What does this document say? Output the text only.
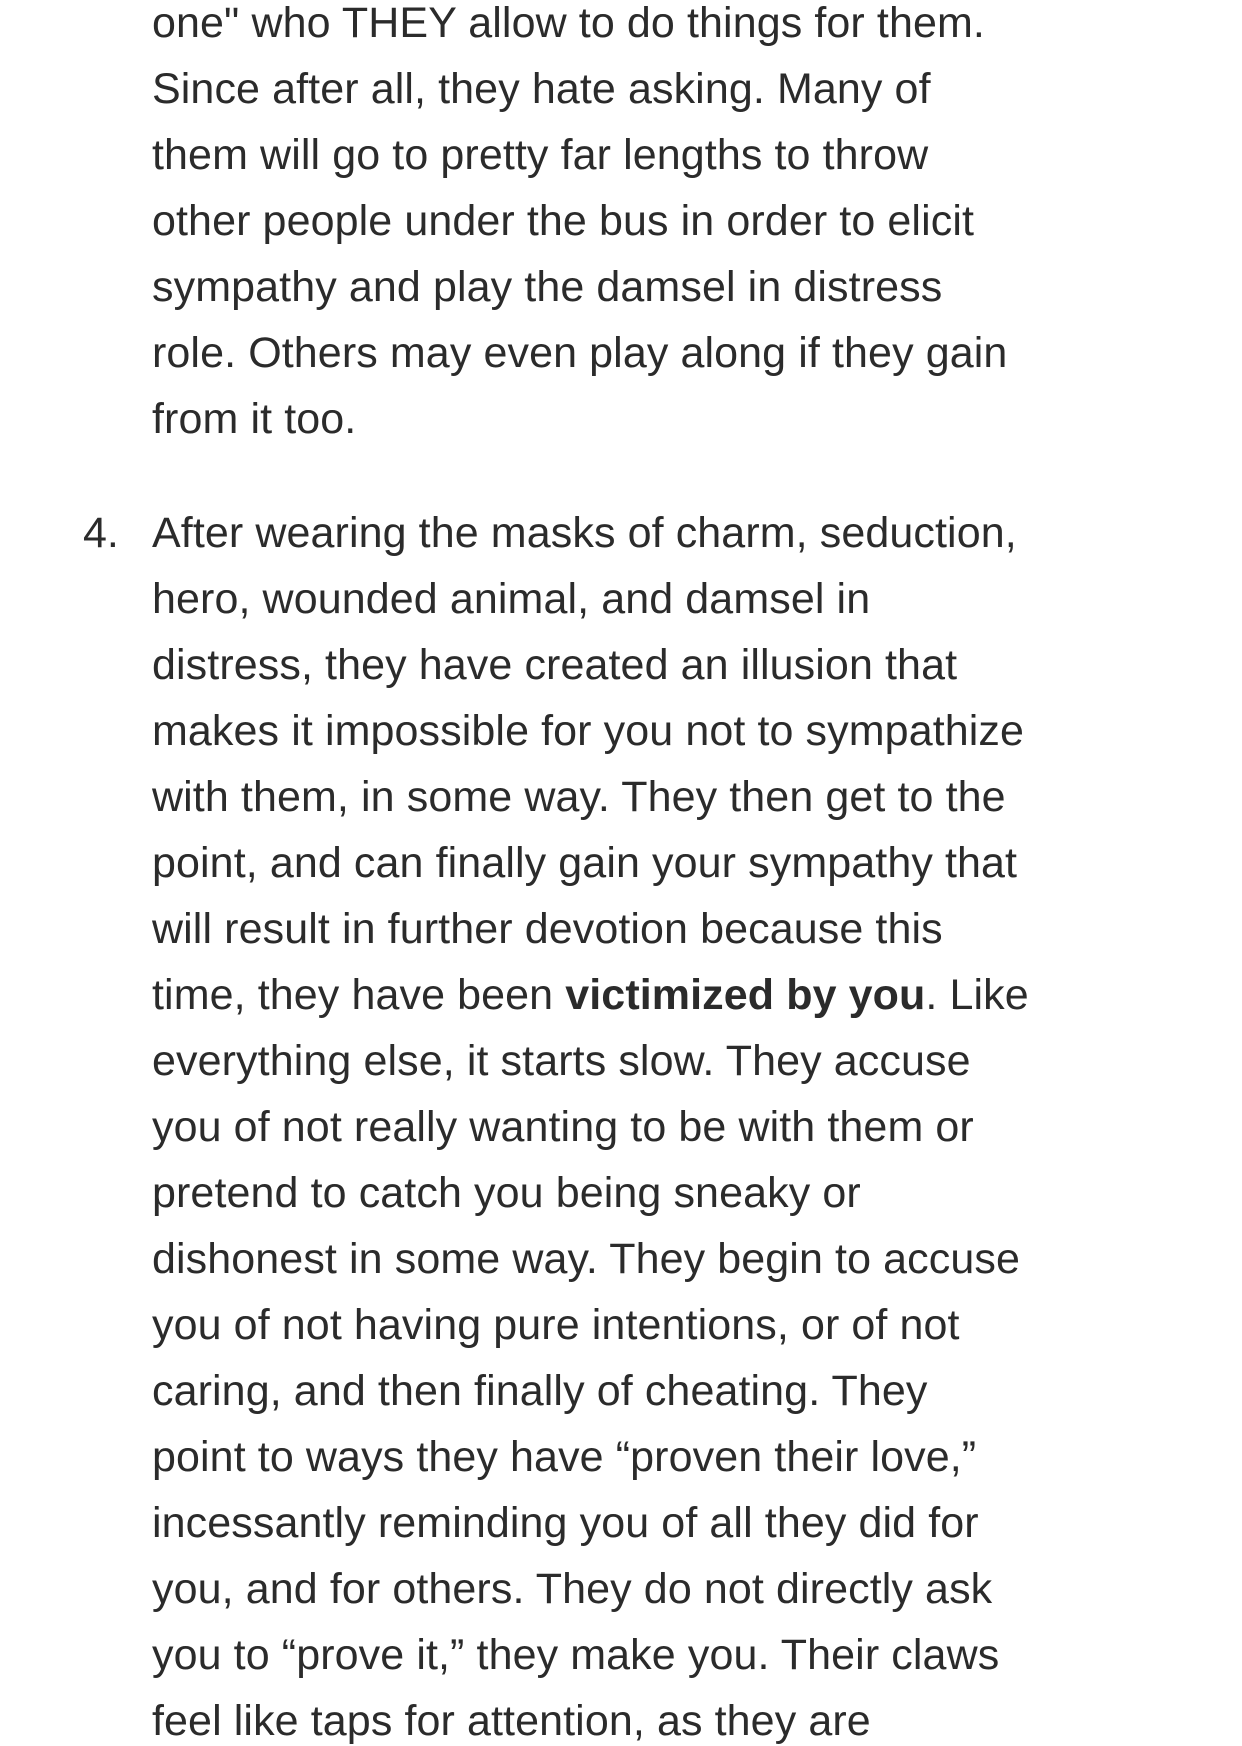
one" who THEY allow to do things for them.
Since after all, they hate asking. Many of
them will go to pretty far lengths to throw
other people under the bus in order to elicit
sympathy and play the damsel in distress
role. Others may even play along if they gain
from it too.
4. After wearing the masks of charm, seduction,
hero, wounded animal, and damsel in
distress, they have created an illusion that
makes it impossible for you not to sympathize
with them, in some way. They then get to the
point, and can finally gain your sympathy that
will result in further devotion because this
time, they have been victimized by you. Like
everything else, it starts slow. They accuse
you of not really wanting to be with them or
pretend to catch you being sneaky or
dishonest in some way. They begin to accuse
you of not having pure intentions, or of not
caring, and then finally of cheating. They
point to ways they have “proven their love,”
incessantly reminding you of all they did for
you, and for others. They do not directly ask
you to “prove it,” they make you. Their claws
feel like taps for attention, as they are
